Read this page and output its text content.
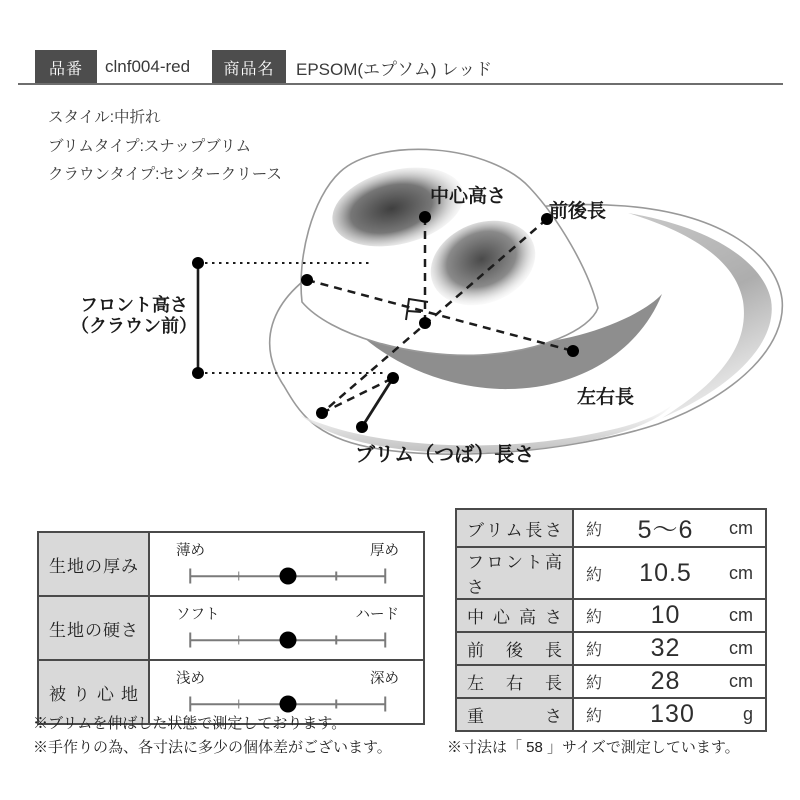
品番	clnf004-red	商品名	EPSOM(エプソム) レッド
スタイル:中折れ
ブリムタイプ:スナップブリム
クラウンタイプ:センタークリース
中心高さ
前後長
左右長
ブリム（つば）長さ
フロント高さ
（クラウン前）
生地の厚み	薄め 厚め

生地の硬さ	ソフト ハード

被り心地	浅め 深め
ブリム長さ	約 5〜6 cm

フロント高さ	約 10.5 cm

中心高さ	約 10 cm

前後長	約 32 cm

左右長	約 28 cm

重さ	約 130 g
※ブリムを伸ばした状態で測定しております。
※手作りの為、各寸法に多少の個体差がございます。	※寸法は「 58 」サイズで測定しています。
